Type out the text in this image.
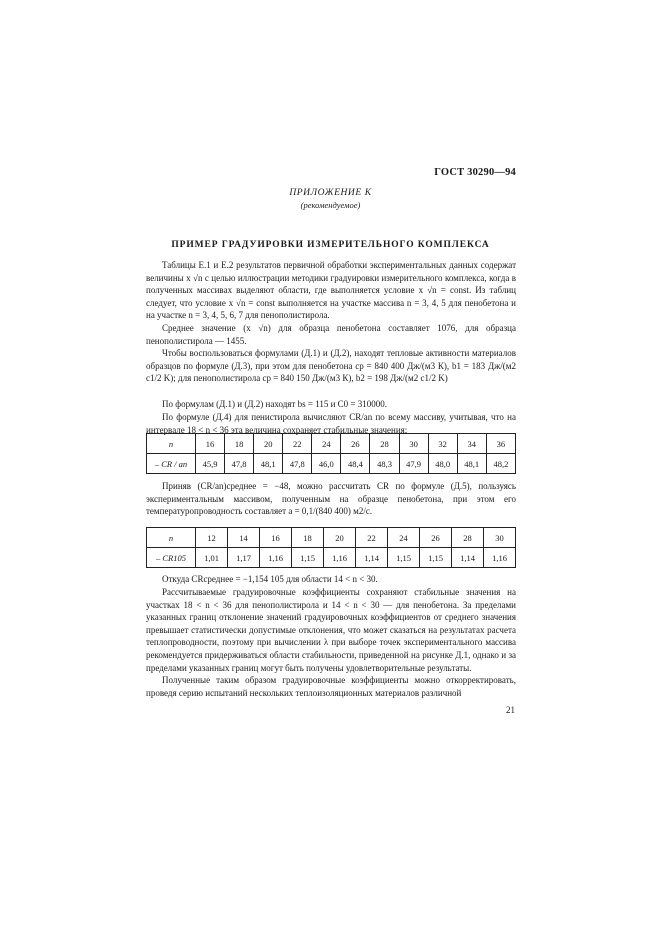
ГОСТ 30290—94
ПРИЛОЖЕНИЕ К
(рекомендуемое)
ПРИМЕР ГРАДУИРОВКИ ИЗМЕРИТЕЛЬНОГО КОМПЛЕКСА

Таблицы Е.1 и Е.2 результатов первичной обработки экспериментальных данных содержат величины x √n с целью иллюстрации методики градуировки измерительного комплекса, когда в полученных массивах выделяют области, где выполняется условие x √n = const. Из таблиц следует, что условие x √n = const выполняется на участке массива n = 3, 4, 5 для пенобетона и на участке n = 3, 4, 5, 6, 7 для пенополистирола.

Среднее значение (x √n) для образца пенобетона составляет 1076, для образца пенополистирола — 1455.

Чтобы воспользоваться формулами (Д.1) и (Д.2), находят тепловые активности материалов образцов по формуле (Д.3), при этом для пенобетона cp = 840 400 Дж/(м3 К), b1 = 183 Дж/(м2 c1/2 K); для пенополистирола cp = 840 150 Дж/(м3 К), b2 = 198 Дж/(м2 c1/2 K)

По формулам (Д.1) и (Д.2) находят bs = 115 и C0 = 310000.

По формуле (Д.4) для пенистирола вычисляют CR/an по всему массиву, учитывая, что на интервале 18 < n < 36 эта величина сохраняет стабильные значения:

n	16	18	20	22	24	26	28	30	32	34	36
– CR / an	45,9	47,8	48,1	47,8	46,0	48,4	48,3	47,9	48,0	48,1	48,2

Приняв (CR/an)среднее = −48, можно рассчитать CR по формуле (Д.5), пользуясь экспериментальным массивом, полученным на образце пенобетона, при этом его температуропроводность составляет a = 0,1/(840 400) м2/с.

n	12	14	16	18	20	22	24	26	28	30
– CR105	1,01	1,17	1,16	1,15	1,16	1,14	1,15	1,15	1,14	1,16

Откуда CRсреднее = −1,154 105 для области 14 < n < 30.

Рассчитываемые градуировочные коэффициенты сохраняют стабильные значения на участках 18 < n < 36 для пенополистирола и 14 < n < 30 — для пенобетона. За пределами указанных границ отклонение значений градуировочных коэффициентов от среднего значения превышает статистически допустимые отклонения, что может сказаться на результатах расчета теплопроводности, поэтому при вычислении λ при выборе точек экспериментального массива рекомендуется придерживаться области стабильности, приведенной на рисунке Д.1, однако и за пределами указанных границ могут быть получены удовлетворительные результаты.

Полученные таким образом градуировочные коэффициенты можно откорректировать, проведя серию испытаний нескольких теплоизоляционных материалов различной

21
